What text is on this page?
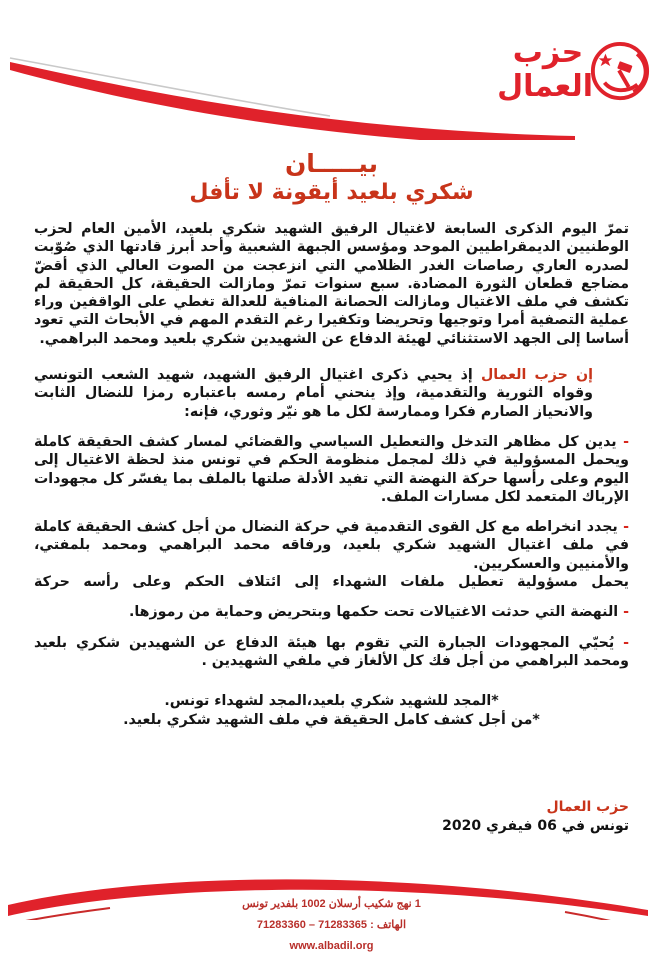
حزب
العمال
بيـــــان
شكري بلعيد أيقونة لا تأفل

تمرّ اليوم الذكرى السابعة لاغتيال الرفيق الشهيد شكري بلعيد، الأمين العام لحزب الوطنيين الديمقراطيين الموحد ومؤسس الجبهة الشعبية وأحد أبرز قادتها الذي صُوّبت لصدره العاري رصاصات الغدر الظلامي التي انزعجت من الصوت العالي الذي أقضّ مضاجع قطعان الثورة المضادة. سبع سنوات تمرّ ومازالت الحقيقة، كل الحقيقة لم تكشف في ملف الاغتيال ومازالت الحصانة المنافية للعدالة تغطي على الواقفين وراء عملية التصفية أمرا وتوجيها وتحريضا وتكفيرا رغم التقدم المهم في الأبحاث التي تعود أساسا إلى الجهد الاستثنائي لهيئة الدفاع عن الشهيدين شكري بلعيد ومحمد البراهمي.

إن حزب العمال إذ يحيي ذكرى اغتيال الرفيق الشهيد، شهيد الشعب التونسي وقواه الثورية والتقدمية، وإذ ينحني أمام رمسه باعتباره رمزا للنضال الثابت والانحياز الصارم فكرا وممارسة لكل ما هو نيّر وثوري، فإنه:

- يدين كل مظاهر التدخل والتعطيل السياسي والقضائي لمسار كشف الحقيقة كاملة ويحمل المسؤولية في ذلك لمجمل منظومة الحكم في تونس منذ لحظة الاغتيال إلى اليوم وعلى رأسها حركة النهضة التي تفيد الأدلة صلتها بالملف بما يفسّر كل مجهودات الإرباك المتعمد لكل مسارات الملف.

- يجدد انخراطه مع كل القوى التقدمية في حركة النضال من أجل كشف الحقيقة كاملة في ملف اغتيال الشهيد شكري بلعيد، ورفاقه محمد البراهمي ومحمد بلمفتي، والأمنيين والعسكريين.

يحمل مسؤولية تعطيل ملفات الشهداء إلى ائتلاف الحكم وعلى رأسه حركة

- النهضة التي حدثت الاغتيالات تحت حكمها وبتحريض وحماية من رموزها.

- يُحيّي المجهودات الجبارة التي تقوم بها هيئة الدفاع عن الشهيدين شكري بلعيد ومحمد البراهمي من أجل فك كل الألغاز في ملفي الشهيدين .

*المجد للشهيد شكري بلعيد،المجد لشهداء تونس.

*من أجل كشف كامل الحقيقة في ملف الشهيد شكري بلعيد.

حزب العمال
تونس في 06 فيفري 2020
1 نهج شكيب أرسلان 1002 بلفدير تونس
الهاتف : 71283360 – 71283365
www.albadil.org
